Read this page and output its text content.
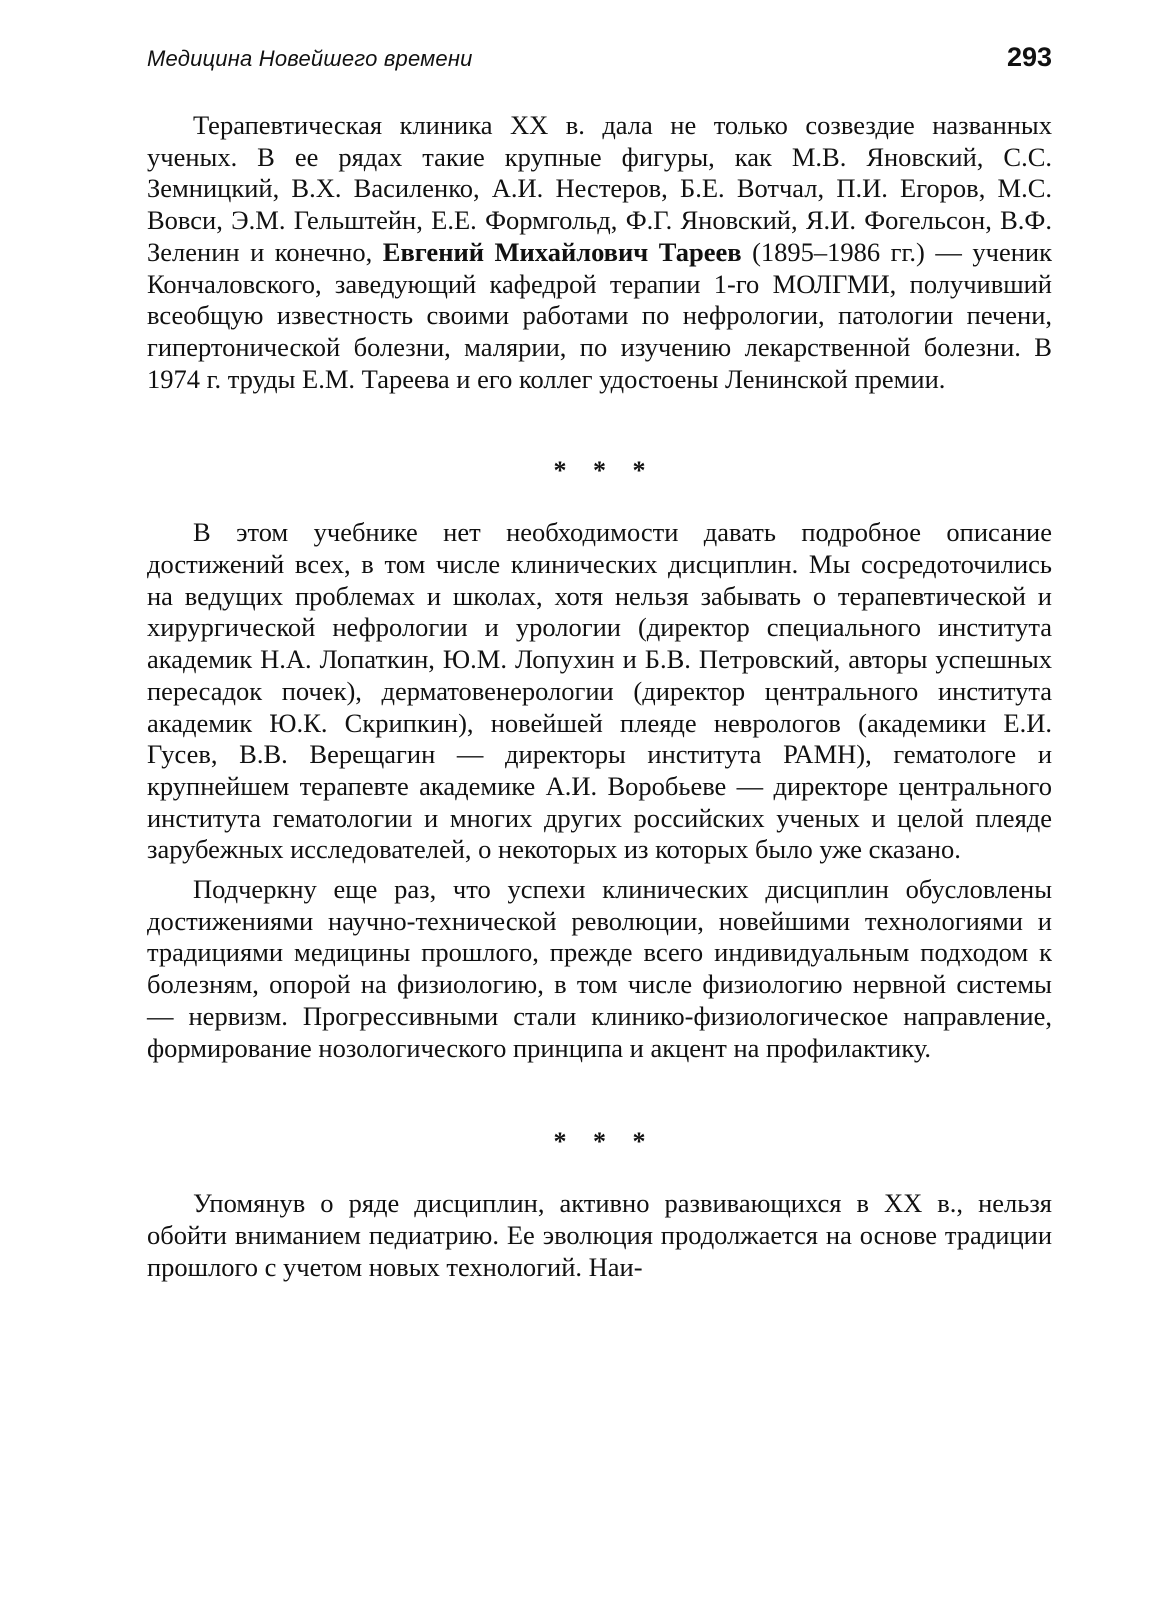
Медицина Новейшего времени	293

Терапевтическая клиника XX в. дала не только созвездие названных ученых. В ее рядах такие крупные фигуры, как М.В. Яновский, С.С. Земницкий, В.Х. Василенко, А.И. Нестеров, Б.Е. Вотчал, П.И. Егоров, М.С. Вовси, Э.М. Гельштейн, Е.Е. Формгольд, Ф.Г. Яновский, Я.И. Фогельсон, В.Ф. Зеленин и конечно, Евгений Михайлович Тареев (1895–1986 гг.) — ученик Кончаловского, заведующий кафедрой терапии 1-го МОЛГМИ, получивший всеобщую известность своими работами по нефрологии, патологии печени, гипертонической болезни, малярии, по изучению лекарственной болезни. В 1974 г. труды Е.М. Тареева и его коллег удостоены Ленинской премии.

* * *

В этом учебнике нет необходимости давать подробное описание достижений всех, в том числе клинических дисциплин. Мы сосредоточились на ведущих проблемах и школах, хотя нельзя забывать о терапевтической и хирургической нефрологии и урологии (директор специального института академик Н.А. Лопаткин, Ю.М. Лопухин и Б.В. Петровский, авторы успешных пересадок почек), дерматовенерологии (директор центрального института академик Ю.К. Скрипкин), новейшей плеяде неврологов (академики Е.И. Гусев, В.В. Верещагин — директоры института РАМН), гематологе и крупнейшем терапевте академике А.И. Воробьеве — директоре центрального института гематологии и многих других российских ученых и целой плеяде зарубежных исследователей, о некоторых из которых было уже сказано.

Подчеркну еще раз, что успехи клинических дисциплин обусловлены достижениями научно-технической революции, новейшими технологиями и традициями медицины прошлого, прежде всего индивидуальным подходом к болезням, опорой на физиологию, в том числе физиологию нервной системы — нервизм. Прогрессивными стали клинико-физиологическое направление, формирование нозологического принципа и акцент на профилактику.

* * *

Упомянув о ряде дисциплин, активно развивающихся в XX в., нельзя обойти вниманием педиатрию. Ее эволюция продолжается на основе традиции прошлого с учетом новых технологий. Наи-
